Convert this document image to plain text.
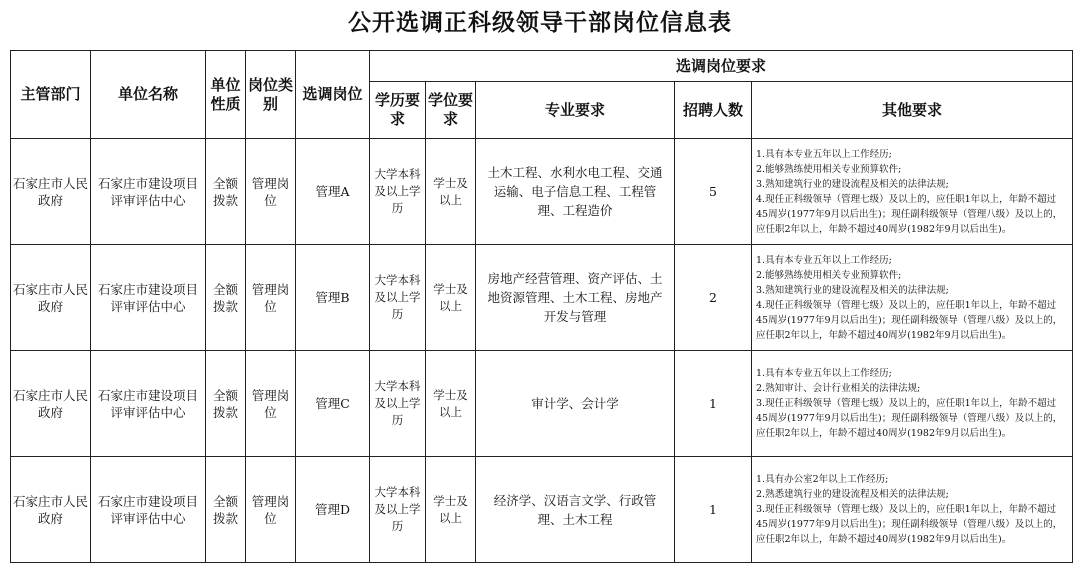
公开选调正科级领导干部岗位信息表
主管部门	单位名称	单位性质	岗位类别	选调岗位	选调岗位要求				
					学历要求	学位要求	专业要求	招聘人数	其他要求
石家庄市人民政府	石家庄市建设项目评审评估中心	全额拨款	管理岗位	管理A	大学本科及以上学历	学士及以上	土木工程、水利水电工程、交通运输、电子信息工程、工程管理、工程造价	5	1.具有本专业五年以上工作经历;
2.能够熟练使用相关专业预算软件;
3.熟知建筑行业的建设流程及相关的法律法规;
4.现任正科级领导（管理七级）及以上的，应任职1年以上，年龄不超过45周岁(1977年9月以后出生)；现任副科级领导（管理八级）及以上的，应任职2年以上，年龄不超过40周岁(1982年9月以后出生)。

石家庄市人民政府	石家庄市建设项目评审评估中心	全额拨款	管理岗位	管理B	大学本科及以上学历	学士及以上	房地产经营管理、资产评估、土地资源管理、土木工程、房地产开发与管理	2	1.具有本专业五年以上工作经历;
2.能够熟练使用相关专业预算软件;
3.熟知建筑行业的建设流程及相关的法律法规;
4.现任正科级领导（管理七级）及以上的，应任职1年以上，年龄不超过45周岁(1977年9月以后出生)；现任副科级领导（管理八级）及以上的，应任职2年以上，年龄不超过40周岁(1982年9月以后出生)。

石家庄市人民政府	石家庄市建设项目评审评估中心	全额拨款	管理岗位	管理C	大学本科及以上学历	学士及以上	审计学、会计学	1	1.具有本专业五年以上工作经历;
2.熟知审计、会计行业相关的法律法规;
3.现任正科级领导（管理七级）及以上的，应任职1年以上，年龄不超过45周岁(1977年9月以后出生)；现任副科级领导（管理八级）及以上的，应任职2年以上，年龄不超过40周岁(1982年9月以后出生)。

石家庄市人民政府	石家庄市建设项目评审评估中心	全额拨款	管理岗位	管理D	大学本科及以上学历	学士及以上	经济学、汉语言文学、行政管理、土木工程	1	1.具有办公室2年以上工作经历;
2.熟悉建筑行业的建设流程及相关的法律法规;
3.现任正科级领导（管理七级）及以上的，应任职1年以上，年龄不超过45周岁(1977年9月以后出生)；现任副科级领导（管理八级）及以上的，应任职2年以上，年龄不超过40周岁(1982年9月以后出生)。
